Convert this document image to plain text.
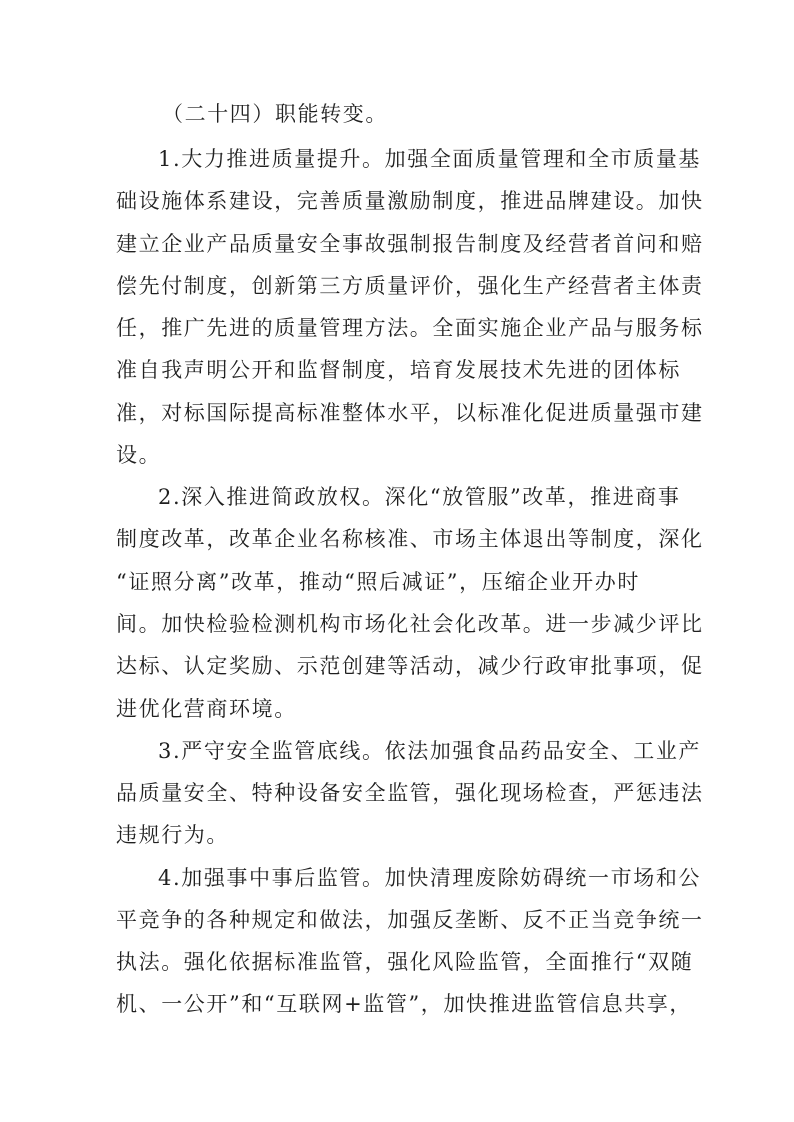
（二十四）职能转变。
1.大力推进质量提升。加强全面质量管理和全市质量基
础设施体系建设，完善质量激励制度，推进品牌建设。加快
建立企业产品质量安全事故强制报告制度及经营者首问和赔
偿先付制度，创新第三方质量评价，强化生产经营者主体责
任，推广先进的质量管理方法。全面实施企业产品与服务标
准自我声明公开和监督制度，培育发展技术先进的团体标
准，对标国际提高标准整体水平，以标准化促进质量强市建
设。
2.深入推进简政放权。深化“放管服”改革，推进商事
制度改革，改革企业名称核准、市场主体退出等制度，深化
“证照分离”改革，推动“照后减证”，压缩企业开办时
间。加快检验检测机构市场化社会化改革。进一步减少评比
达标、认定奖励、示范创建等活动，减少行政审批事项，促
进优化营商环境。
3.严守安全监管底线。依法加强食品药品安全、工业产
品质量安全、特种设备安全监管，强化现场检查，严惩违法
违规行为。
4.加强事中事后监管。加快清理废除妨碍统一市场和公
平竞争的各种规定和做法，加强反垄断、反不正当竞争统一
执法。强化依据标准监管，强化风险监管，全面推行“双随
机、一公开”和“互联网+监管”，加快推进监管信息共享，
